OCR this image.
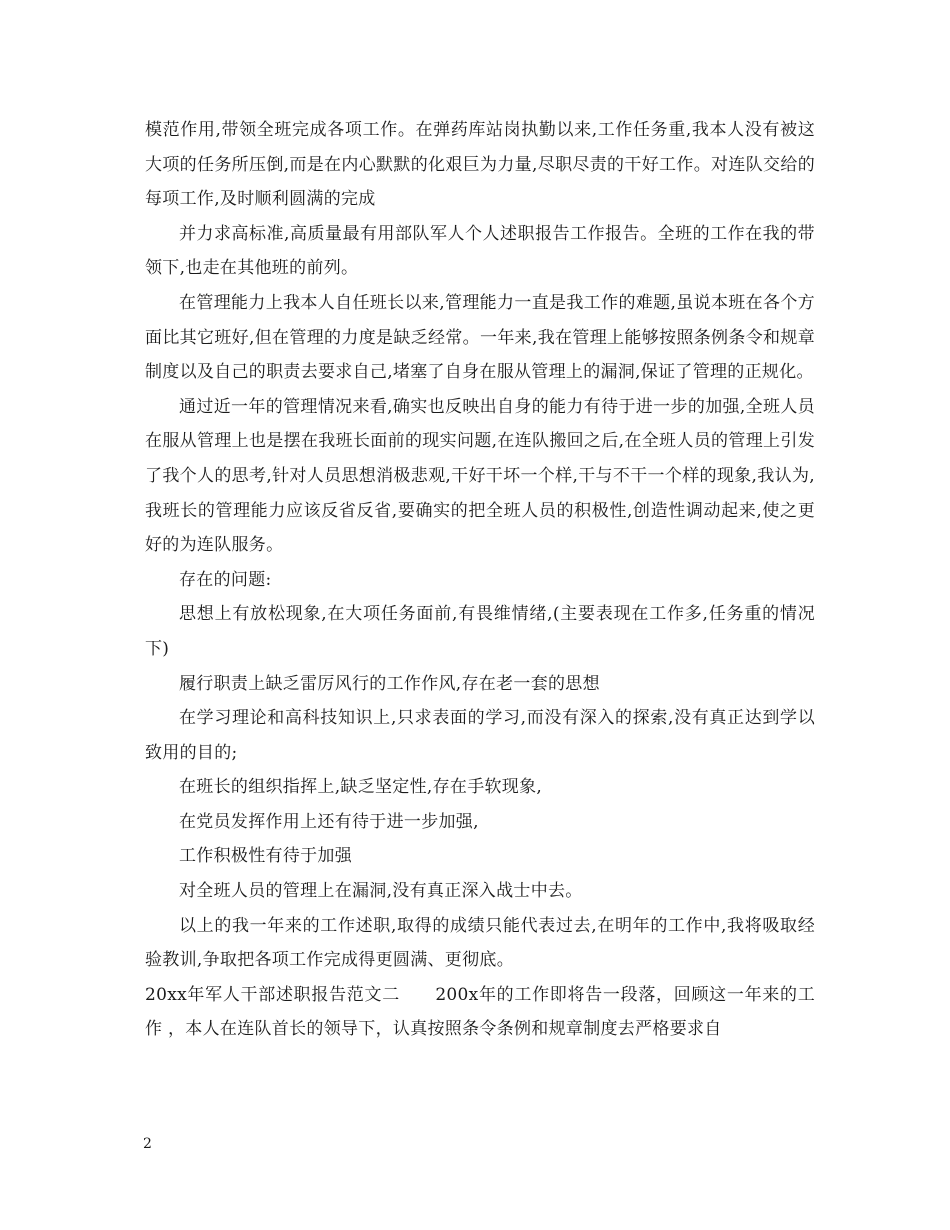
模范作用,带领全班完成各项工作。在弹药库站岗执勤以来,工作任务重,我本人没有被这大项的任务所压倒,而是在内心默默的化艰巨为力量,尽职尽责的干好工作。对连队交给的每项工作,及时顺利圆满的完成

并力求高标准,高质量最有用部队军人个人述职报告工作报告。全班的工作在我的带领下,也走在其他班的前列。

在管理能力上我本人自任班长以来,管理能力一直是我工作的难题,虽说本班在各个方面比其它班好,但在管理的力度是缺乏经常。一年来,我在管理上能够按照条例条令和规章制度以及自己的职责去要求自己,堵塞了自身在服从管理上的漏洞,保证了管理的正规化。

通过近一年的管理情况来看,确实也反映出自身的能力有待于进一步的加强,全班人员在服从管理上也是摆在我班长面前的现实问题,在连队搬回之后,在全班人员的管理上引发了我个人的思考,针对人员思想消极悲观,干好干坏一个样,干与不干一个样的现象,我认为,我班长的管理能力应该反省反省,要确实的把全班人员的积极性,创造性调动起来,使之更好的为连队服务。

存在的问题:

思想上有放松现象,在大项任务面前,有畏维情绪,(主要表现在工作多,任务重的情况下)

履行职责上缺乏雷厉风行的工作作风,存在老一套的思想

在学习理论和高科技知识上,只求表面的学习,而没有深入的探索,没有真正达到学以致用的目的;

在班长的组织指挥上,缺乏坚定性,存在手软现象,

在党员发挥作用上还有待于进一步加强,

工作积极性有待于加强

对全班人员的管理上在漏洞,没有真正深入战士中去。

以上的我一年来的工作述职,取得的成绩只能代表过去,在明年的工作中,我将吸取经验教训,争取把各项工作完成得更圆满、更彻底。

20xx年军人干部述职报告范文二　　200x年的工作即将告一段落，回顾这一年来的工作 ，本人在连队首长的领导下，认真按照条令条例和规章制度去严格要求自

2
